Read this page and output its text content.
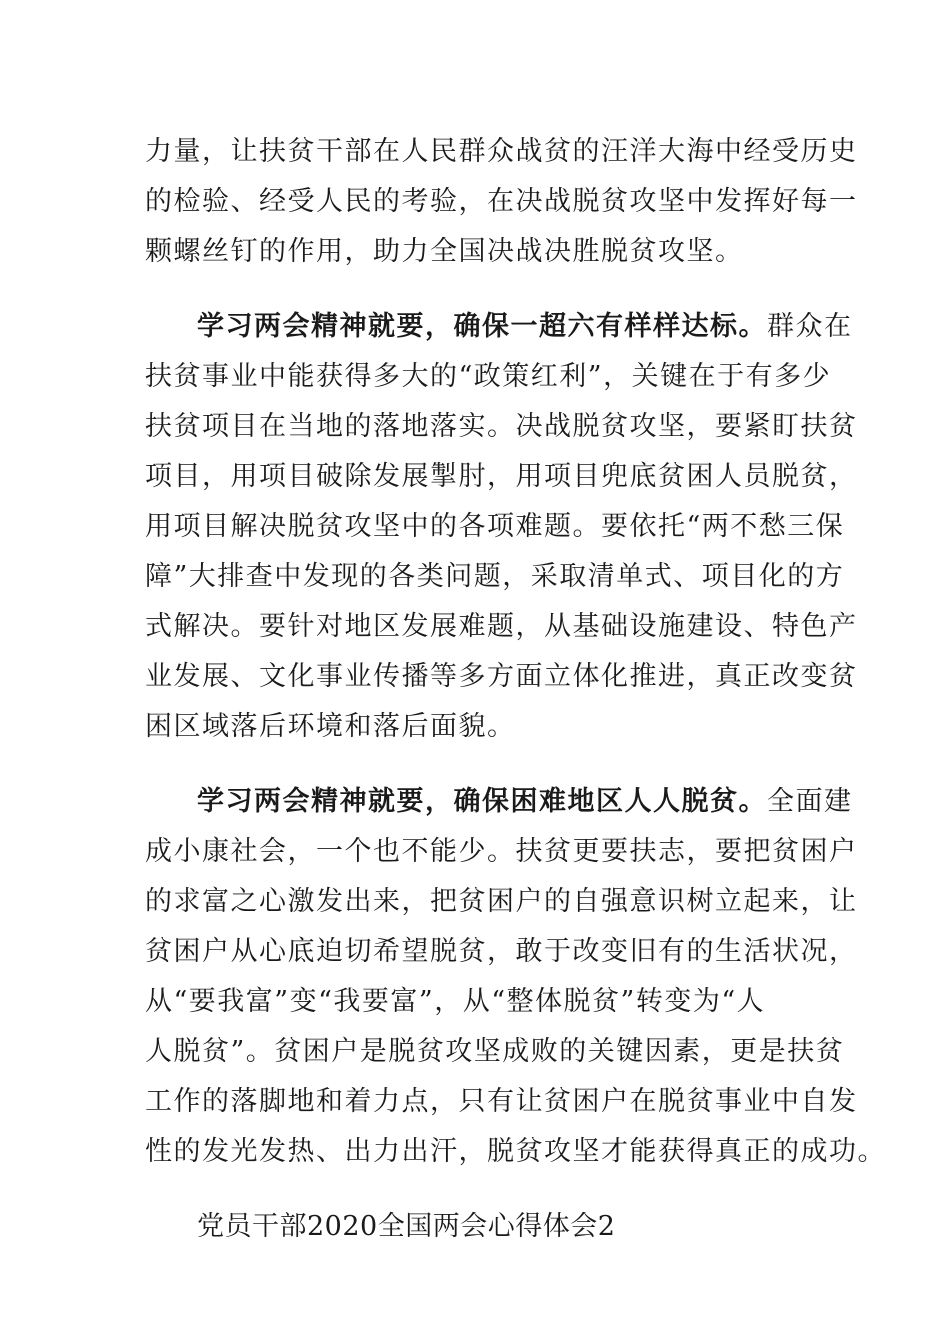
力量，让扶贫干部在人民群众战贫的汪洋大海中经受历史
的检验、经受人民的考验，在决战脱贫攻坚中发挥好每一
颗螺丝钉的作用，助力全国决战决胜脱贫攻坚。
学习两会精神就要，确保一超六有样样达标。群众在
扶贫事业中能获得多大的“政策红利”，关键在于有多少
扶贫项目在当地的落地落实。决战脱贫攻坚，要紧盯扶贫
项目，用项目破除发展掣肘，用项目兜底贫困人员脱贫，
用项目解决脱贫攻坚中的各项难题。要依托“两不愁三保
障”大排查中发现的各类问题，采取清单式、项目化的方
式解决。要针对地区发展难题，从基础设施建设、特色产
业发展、文化事业传播等多方面立体化推进，真正改变贫
困区域落后环境和落后面貌。
学习两会精神就要，确保困难地区人人脱贫。全面建
成小康社会，一个也不能少。扶贫更要扶志，要把贫困户
的求富之心激发出来，把贫困户的自强意识树立起来，让
贫困户从心底迫切希望脱贫，敢于改变旧有的生活状况，
从“要我富”变“我要富”，从“整体脱贫”转变为“人
人脱贫”。贫困户是脱贫攻坚成败的关键因素，更是扶贫
工作的落脚地和着力点，只有让贫困户在脱贫事业中自发
性的发光发热、出力出汗，脱贫攻坚才能获得真正的成功。
党员干部2020全国两会心得体会2
